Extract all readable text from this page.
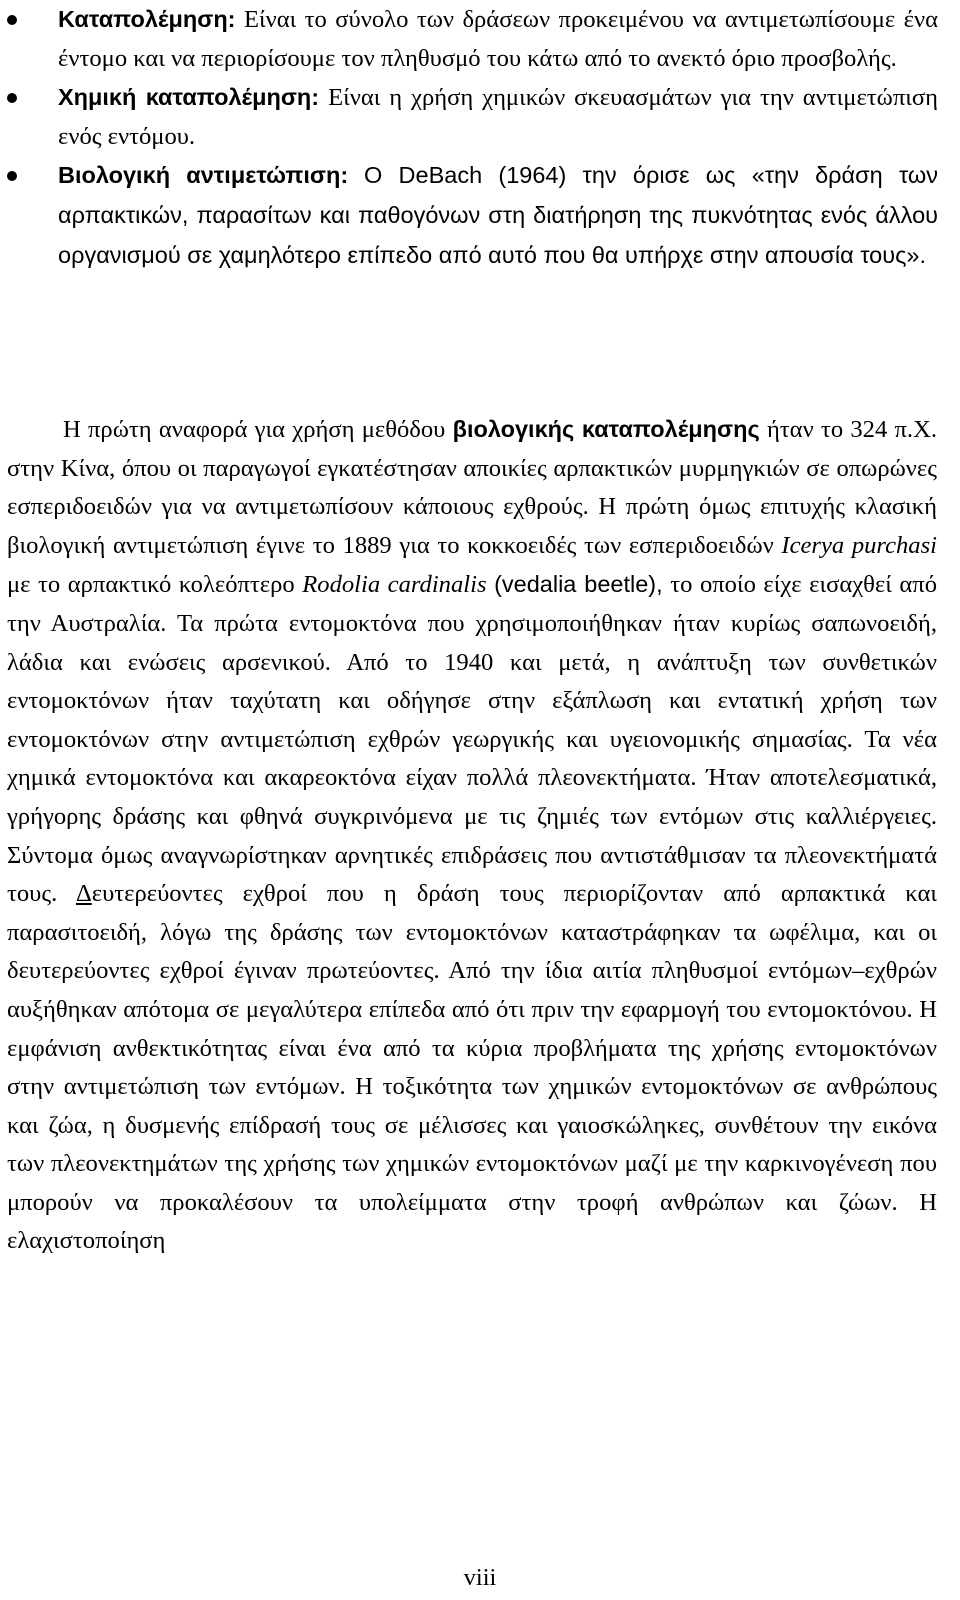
Καταπολέμηση: Είναι το σύνολο των δράσεων προκειμένου να αντιμετωπίσουμε ένα έντομο και να περιορίσουμε τον πληθυσμό του κάτω από το ανεκτό όριο προσβολής.
Χημική καταπολέμηση: Είναι η χρήση χημικών σκευασμάτων για την αντιμετώπιση ενός εντόμου.
Βιολογική αντιμετώπιση: Ο DeBach (1964) την όρισε ως «την δράση των αρπακτικών, παρασίτων και παθογόνων στη διατήρηση της πυκνότητας ενός άλλου οργανισμού σε χαμηλότερο επίπεδο από αυτό που θα υπήρχε στην απουσία τους».

Η πρώτη αναφορά για χρήση μεθόδου βιολογικής καταπολέμησης ήταν το 324 π.Χ. στην Κίνα, όπου οι παραγωγοί εγκατέστησαν αποικίες αρπακτικών μυρμηγκιών σε οπωρώνες εσπεριδοειδών για να αντιμετωπίσουν κάποιους εχθρούς. Η πρώτη όμως επιτυχής κλασική βιολογική αντιμετώπιση έγινε το 1889 για το κοκκοειδές των εσπεριδοειδών Icerya purchasi με το αρπακτικό κολεόπτερο Rodolia cardinalis (vedalia beetle), το οποίο είχε εισαχθεί από την Αυστραλία. Τα πρώτα εντομοκτόνα που χρησιμοποιήθηκαν ήταν κυρίως σαπωνοειδή, λάδια και ενώσεις αρσενικού. Από το 1940 και μετά, η ανάπτυξη των συνθετικών εντομοκτόνων ήταν ταχύτατη και οδήγησε στην εξάπλωση και εντατική χρήση των εντομοκτόνων στην αντιμετώπιση εχθρών γεωργικής και υγειονομικής σημασίας. Τα νέα χημικά εντομοκτόνα και ακαρεοκτόνα είχαν πολλά πλεονεκτήματα. Ήταν αποτελεσματικά, γρήγορης δράσης και φθηνά συγκρινόμενα με τις ζημιές των εντόμων στις καλλιέργειες. Σύντομα όμως αναγνωρίστηκαν αρνητικές επιδράσεις που αντιστάθμισαν τα πλεονεκτήματά τους. Δευτερεύοντες εχθροί που η δράση τους περιορίζονταν από αρπακτικά και παρασιτοειδή, λόγω της δράσης των εντομοκτόνων καταστράφηκαν τα ωφέλιμα, και οι δευτερεύοντες εχθροί έγιναν πρωτεύοντες. Από την ίδια αιτία πληθυσμοί εντόμων–εχθρών αυξήθηκαν απότομα σε μεγαλύτερα επίπεδα από ότι πριν την εφαρμογή του εντομοκτόνου. Η εμφάνιση ανθεκτικότητας είναι ένα από τα κύρια προβλήματα της χρήσης εντομοκτόνων στην αντιμετώπιση των εντόμων. Η τοξικότητα των χημικών εντομοκτόνων σε ανθρώπους και ζώα, η δυσμενής επίδρασή τους σε μέλισσες και γαιοσκώληκες, συνθέτουν την εικόνα των πλεονεκτημάτων της χρήσης των χημικών εντομοκτόνων μαζί με την καρκινογένεση που μπορούν να προκαλέσουν τα υπολείμματα στην τροφή ανθρώπων και ζώων. Η ελαχιστοποίηση

viii
